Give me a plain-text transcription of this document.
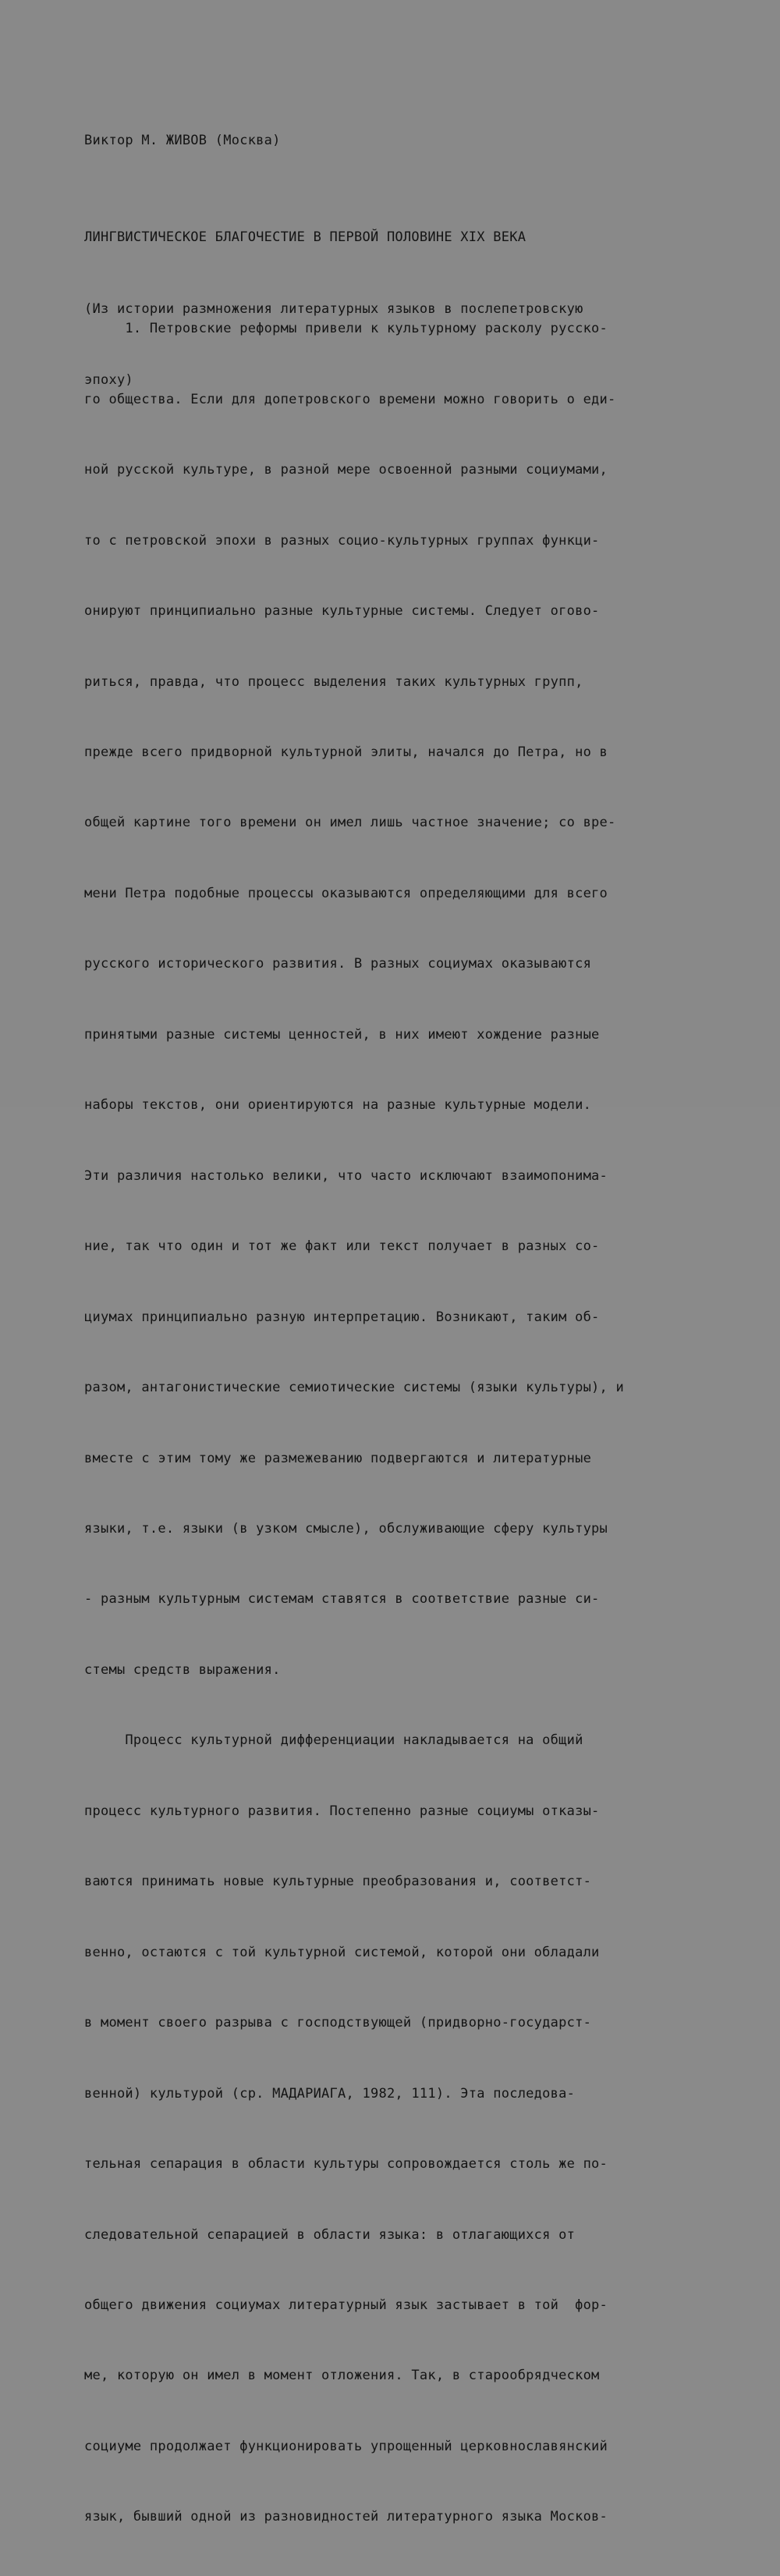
Виктор М. ЖИВОВ (Москва)

ЛИНГВИСТИЧЕСКОЕ БЛАГОЧЕСТИЕ В ПЕРВОЙ ПОЛОВИНЕ XIX ВЕКА

(Из истории размножения литературных языков в послепетровскую

эпоху)

1. Петровские реформы привели к культурному расколу русско-

го общества. Если для допетровского времени можно говорить о еди-

ной русской культуре, в разной мере освоенной разными социумами,

то с петровской эпохи в разных социо-культурных группах функци-

онируют принципиально разные культурные системы. Следует огово-

риться, правда, что процесс выделения таких культурных групп,

прежде всего придворной культурной элиты, начался до Петра, но в

общей картине того времени он имел лишь частное значение; со вре-

мени Петра подобные процессы оказываются определяющими для всего

русского исторического развития. В разных социумах оказываются

принятыми разные системы ценностей, в них имеют хождение разные

наборы текстов, они ориентируются на разные культурные модели.

Эти различия настолько велики, что часто исключают взаимопонима-

ние, так что один и тот же факт или текст получает в разных со-

циумах принципиально разную интерпретацию. Возникают, таким об-

разом, антагонистические семиотические системы (языки культуры), и

вместе с этим тому же размежеванию подвергаются и литературные

языки, т.е. языки (в узком смысле), обслуживающие сферу культуры

- разным культурным системам ставятся в соответствие разные си-

стемы средств выражения.

Процесс культурной дифференциации накладывается на общий

процесс культурного развития. Постепенно разные социумы отказы-

ваются принимать новые культурные преобразования и, соответст-

венно, остаются с той культурной системой, которой они обладали

в момент своего разрыва с господствующей (придворно-государст-

венной) культурой (ср. МАДАРИАГА, 1982, 111). Эта последова-

тельная сепарация в области культуры сопровождается столь же по-

следовательной сепарацией в области языка: в отлагающихся от

общего движения социумах литературный язык застывает в той  фор-

ме, которую он имел в момент отложения. Так, в старообрядческом

социуме продолжает функционировать упрощенный церковнославянский

язык, бывший одной из разновидностей литературного языка Москов-
